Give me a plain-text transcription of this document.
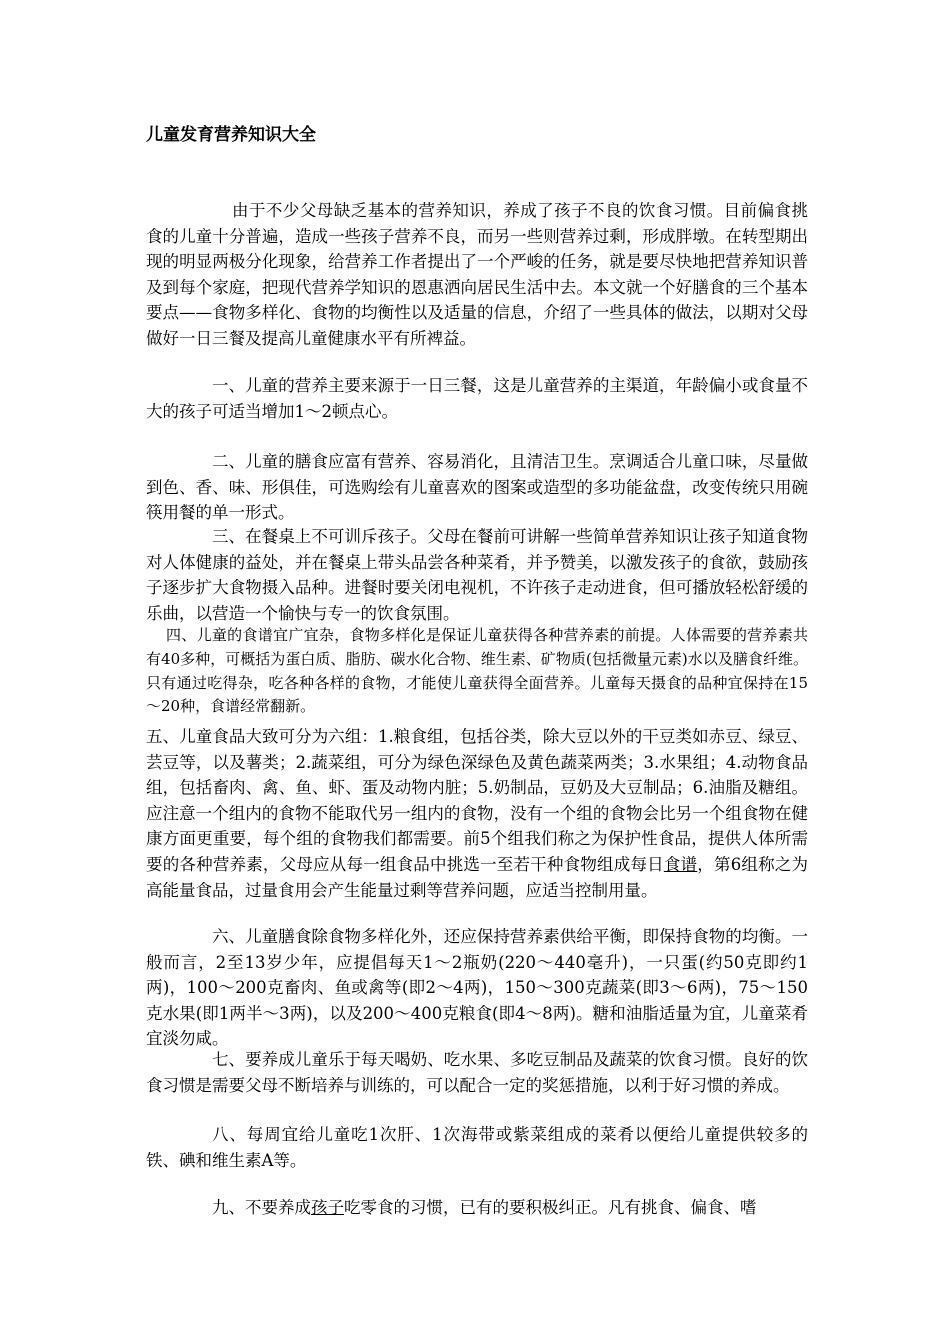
儿童发育营养知识大全

由于不少父母缺乏基本的营养知识，养成了孩子不良的饮食习惯。目前偏食挑食的儿童十分普遍，造成一些孩子营养不良，而另一些则营养过剩，形成胖墩。在转型期出现的明显两极分化现象，给营养工作者提出了一个严峻的任务，就是要尽快地把营养知识普及到每个家庭，把现代营养学知识的恩惠洒向居民生活中去。本文就一个好膳食的三个基本要点——食物多样化、食物的均衡性以及适量的信息，介绍了一些具体的做法，以期对父母做好一日三餐及提高儿童健康水平有所裨益。

一、儿童的营养主要来源于一日三餐，这是儿童营养的主渠道，年龄偏小或食量不大的孩子可适当增加1～2顿点心。

二、儿童的膳食应富有营养、容易消化，且清洁卫生。烹调适合儿童口味，尽量做到色、香、味、形俱佳，可选购绘有儿童喜欢的图案或造型的多功能盆盘，改变传统只用碗筷用餐的单一形式。

三、在餐桌上不可训斥孩子。父母在餐前可讲解一些简单营养知识让孩子知道食物对人体健康的益处，并在餐桌上带头品尝各种菜肴，并予赞美，以激发孩子的食欲，鼓励孩子逐步扩大食物摄入品种。进餐时要关闭电视机，不许孩子走动进食，但可播放轻松舒缓的乐曲，以营造一个愉快与专一的饮食氛围。

四、儿童的食谱宜广宜杂，食物多样化是保证儿童获得各种营养素的前提。人体需要的营养素共有40多种，可概括为蛋白质、脂肪、碳水化合物、维生素、矿物质(包括微量元素)水以及膳食纤维。只有通过吃得杂，吃各种各样的食物，才能使儿童获得全面营养。儿童每天摄食的品种宜保持在15～20种，食谱经常翻新。

五、儿童食品大致可分为六组：1.粮食组，包括谷类，除大豆以外的干豆类如赤豆、绿豆、芸豆等，以及薯类；2.蔬菜组，可分为绿色深绿色及黄色蔬菜两类；3.水果组；4.动物食品组，包括畜肉、禽、鱼、虾、蛋及动物内脏；5.奶制品，豆奶及大豆制品；6.油脂及糖组。应注意一个组内的食物不能取代另一组内的食物，没有一个组的食物会比另一个组食物在健康方面更重要，每个组的食物我们都需要。前5个组我们称之为保护性食品，提供人体所需要的各种营养素，父母应从每一组食品中挑选一至若干种食物组成每日食谱，第6组称之为高能量食品，过量食用会产生能量过剩等营养问题，应适当控制用量。

六、儿童膳食除食物多样化外，还应保持营养素供给平衡，即保持食物的均衡。一般而言，2至13岁少年，应提倡每天1～2瓶奶(220～440毫升)，一只蛋(约50克即约1两)，100～200克畜肉、鱼或禽等(即2～4两)，150～300克蔬菜(即3～6两)，75～150克水果(即1两半～3两)，以及200～400克粮食(即4～8两)。糖和油脂适量为宜，儿童菜肴宜淡勿咸。

七、要养成儿童乐于每天喝奶、吃水果、多吃豆制品及蔬菜的饮食习惯。良好的饮食习惯是需要父母不断培养与训练的，可以配合一定的奖惩措施，以利于好习惯的养成。

八、每周宜给儿童吃1次肝、1次海带或紫菜组成的菜肴以便给儿童提供较多的铁、碘和维生素A等。

九、不要养成孩子吃零食的习惯，已有的要积极纠正。凡有挑食、偏食、嗜
